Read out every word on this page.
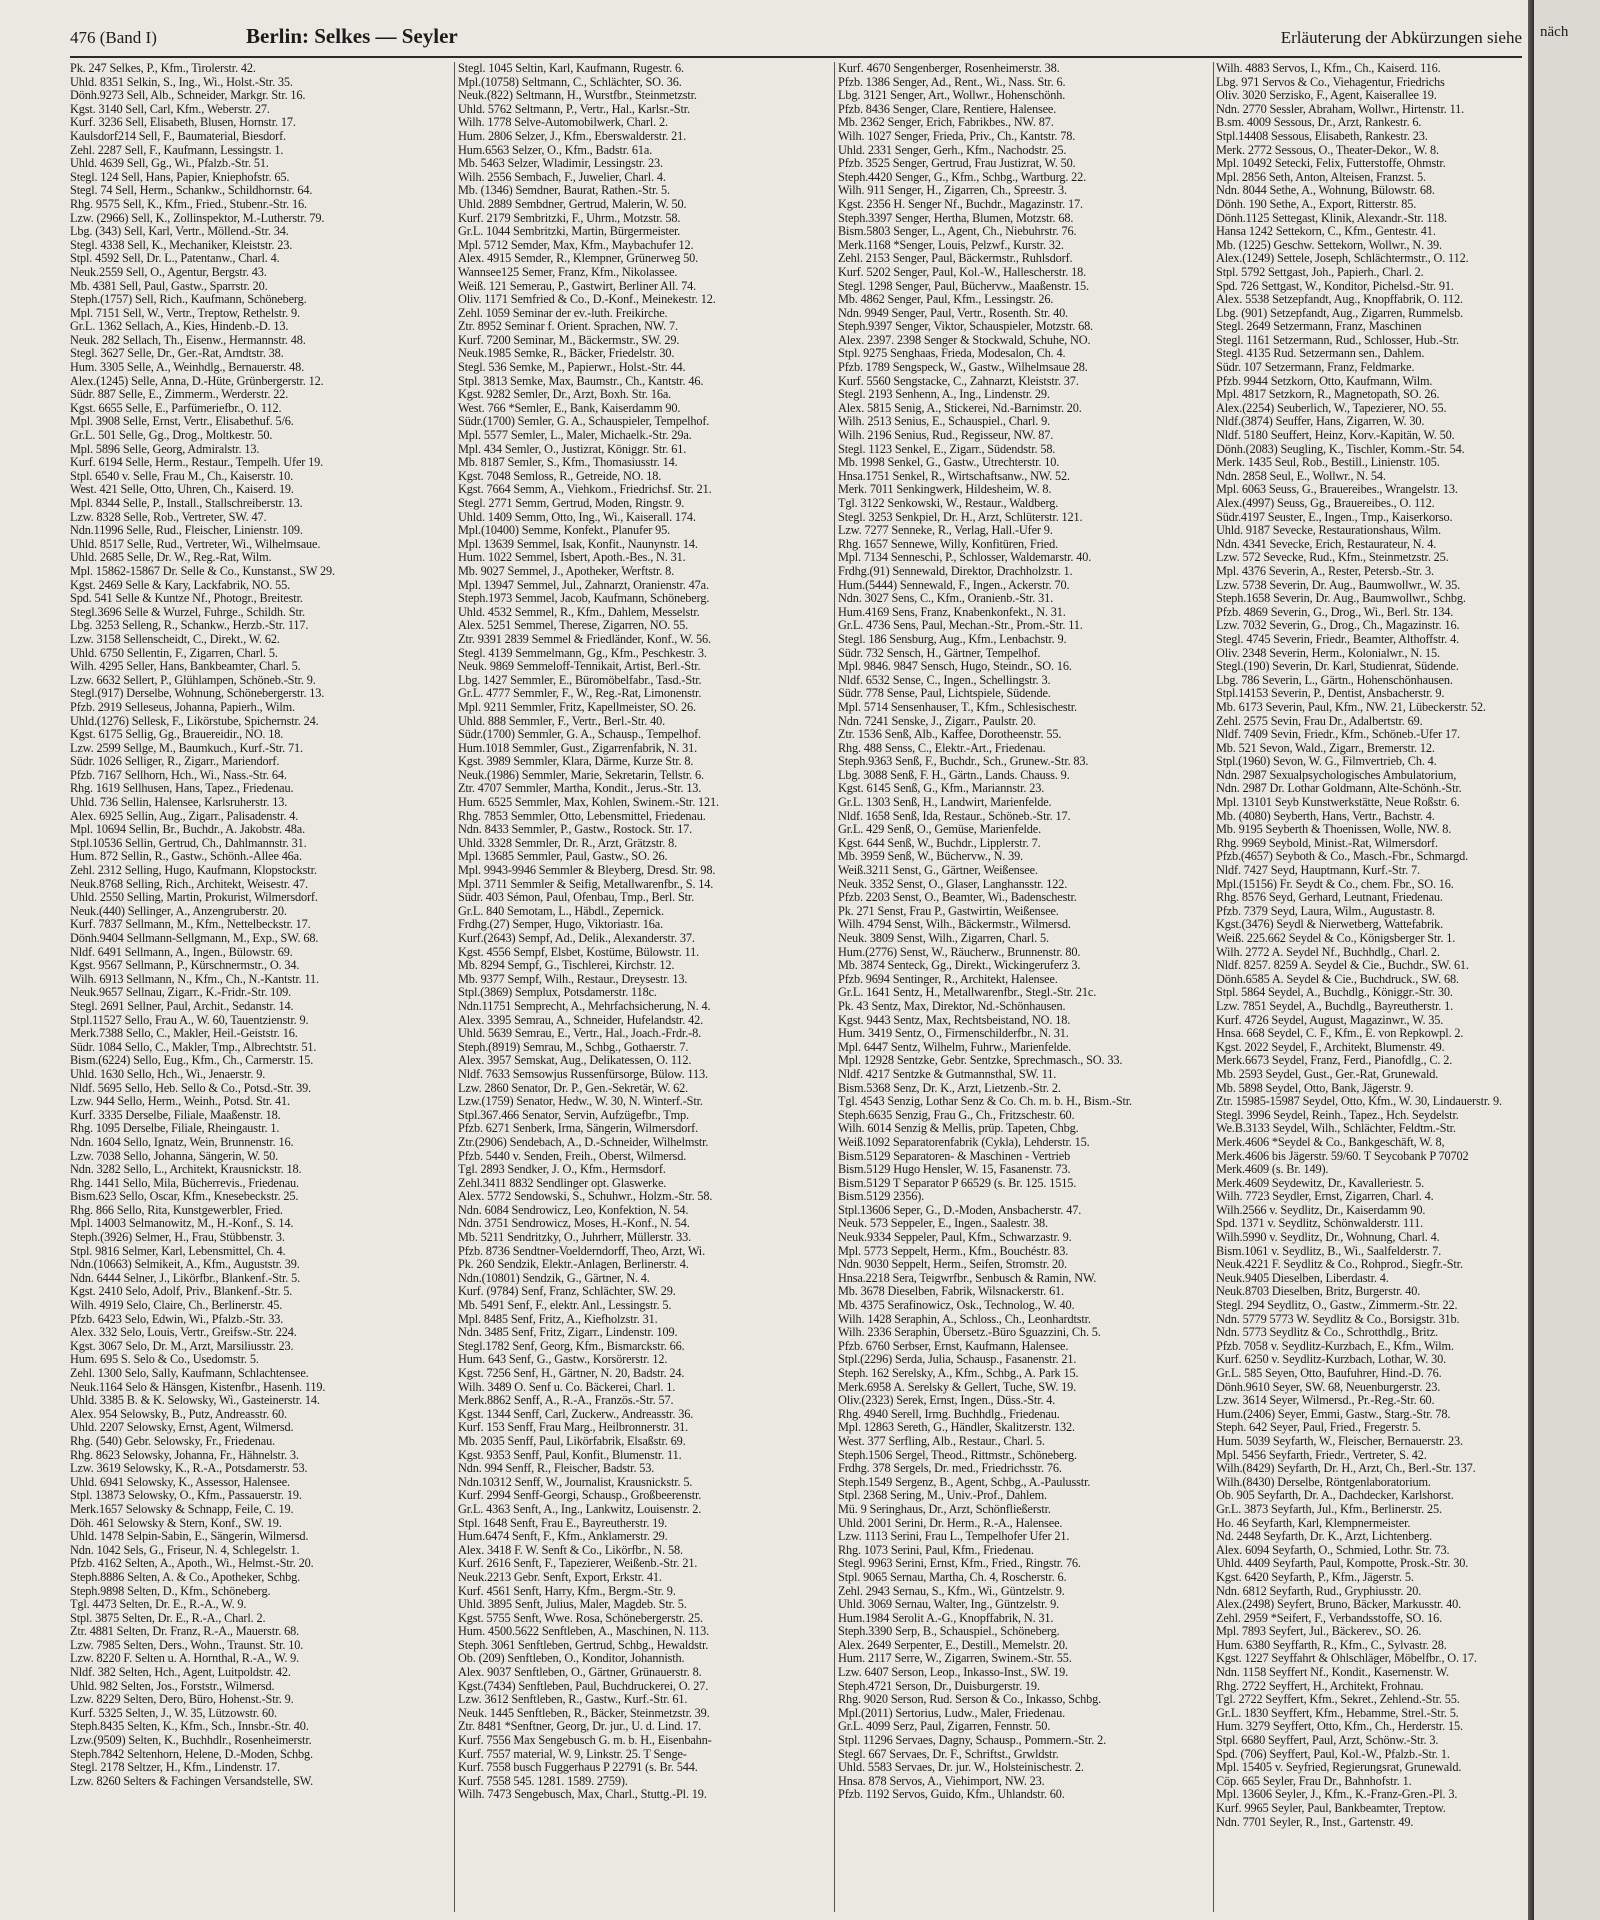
476 (Band I)	Berlin: Selkes — Seyler	Erläuterung der Abkürzungen siehe
Pk. 247 Selkes, P., Kfm., Tirolerstr. 42.
Uhld. 8351 Selkin, S., Ing., Wi., Holst.-Str. 35.
Dönh.9273 Sell, Alb., Schneider, Markgr. Str. 16.
Kgst. 3140 Sell, Carl, Kfm., Weberstr. 27.
Kurf. 3236 Sell, Elisabeth, Blusen, Hornstr. 17.
Kaulsdorf214 Sell, F., Baumaterial, Biesdorf.
Zehl. 2287 Sell, F., Kaufmann, Lessingstr. 1.
Uhld. 4639 Sell, Gg., Wi., Pfalzb.-Str. 51.
Stegl. 124 Sell, Hans, Papier, Kniephofstr. 65.
Stegl. 74 Sell, Herm., Schankw., Schildhornstr. 64.
Rhg. 9575 Sell, K., Kfm., Fried., Stubenr.-Str. 16.
Lzw. (2966) Sell, K., Zollinspektor, M.-Lutherstr. 79.
Lbg. (343) Sell, Karl, Vertr., Möllend.-Str. 34.
Stegl. 4338 Sell, K., Mechaniker, Kleiststr. 23.
Stpl. 4592 Sell, Dr. L., Patentanw., Charl. 4.
Neuk.2559 Sell, O., Agentur, Bergstr. 43.
Mb. 4381 Sell, Paul, Gastw., Sparrstr. 20.
Steph.(1757) Sell, Rich., Kaufmann, Schöneberg.
Mpl. 7151 Sell, W., Vertr., Treptow, Rethelstr. 9.
Gr.L. 1362 Sellach, A., Kies, Hindenb.-D. 13.
Neuk. 282 Sellach, Th., Eisenw., Hermannstr. 48.
Stegl. 3627 Selle, Dr., Ger.-Rat, Arndtstr. 38.
Hum. 3305 Selle, A., Weinhdlg., Bernauerstr. 48.
Alex.(1245) Selle, Anna, D.-Hüte, Grünbergerstr. 12.
Südr. 887 Selle, E., Zimmerm., Werderstr. 22.
Kgst. 6655 Selle, E., Parfümeriefbr., O. 112.
Mpl. 3908 Selle, Ernst, Vertr., Elisabethuf. 5/6.
Gr.L. 501 Selle, Gg., Drog., Moltkestr. 50.
Mpl. 5896 Selle, Georg, Admiralstr. 13.
Kurf. 6194 Selle, Herm., Restaur., Tempelh. Ufer 19.
Stpl. 6540 v. Selle, Frau M., Ch., Kaiserstr. 10.
West. 421 Selle, Otto, Uhren, Ch., Kaiserd. 19.
Mpl. 8344 Selle, P., Install., Stallschreiberstr. 13.
Lzw. 8328 Selle, Rob., Vertreter, SW. 47.
Ndn.11996 Selle, Rud., Fleischer, Linienstr. 109.
Uhld. 8517 Selle, Rud., Vertreter, Wi., Wilhelmsaue.
Uhld. 2685 Selle, Dr. W., Reg.-Rat, Wilm.
Mpl. 15862-15867 Dr. Selle & Co., Kunstanst., SW 29.
Kgst. 2469 Selle & Kary, Lackfabrik, NO. 55.
Spd. 541 Selle & Kuntze Nf., Photogr., Breitestr.
Stegl.3696 Selle & Wurzel, Fuhrge., Schildh. Str.
Lbg. 3253 Selleng, R., Schankw., Herzb.-Str. 117.
Lzw. 3158 Sellenscheidt, C., Direkt., W. 62.
Uhld. 6750 Sellentin, F., Zigarren, Charl. 5.
Wilh. 4295 Seller, Hans, Bankbeamter, Charl. 5.
Lzw. 6632 Sellert, P., Glühlampen, Schöneb.-Str. 9.
Stegl.(917) Derselbe, Wohnung, Schönebergerstr. 13.
Pfzb. 2919 Selleseus, Johanna, Papierh., Wilm.
Uhld.(1276) Sellesk, F., Likörstube, Spichernstr. 24.
Kgst. 6175 Sellig, Gg., Brauereidir., NO. 18.
Lzw. 2599 Sellge, M., Baumkuch., Kurf.-Str. 71.
Südr. 1026 Selliger, R., Zigarr., Mariendorf.
Pfzb. 7167 Sellhorn, Hch., Wi., Nass.-Str. 64.
Rhg. 1619 Sellhusen, Hans, Tapez., Friedenau.
Uhld. 736 Sellin, Halensee, Karlsruherstr. 13.
Alex. 6925 Sellin, Aug., Zigarr., Palisadenstr. 4.
Mpl. 10694 Sellin, Br., Buchdr., A. Jakobstr. 48a.
Stpl.10536 Sellin, Gertrud, Ch., Dahlmannstr. 31.
Hum. 872 Sellin, R., Gastw., Schönh.-Allee 46a.
Zehl. 2312 Selling, Hugo, Kaufmann, Klopstockstr.
Neuk.8768 Selling, Rich., Architekt, Weisestr. 47.
Uhld. 2550 Selling, Martin, Prokurist, Wilmersdorf.
Neuk.(440) Sellinger, A., Anzengruberstr. 20.
Kurf. 7837 Sellmann, M., Kfm., Nettelbeckstr. 17.
Dönh.9404 Sellmann-Sellgmann, M., Exp., SW. 68.
Nldf. 6491 Sellmann, A., Ingen., Bülowstr. 69.
Kgst. 9567 Sellmann, P., Kürschnermstr., O. 34.
Wilh. 6913 Sellmann, N., Kfm., Ch., N.-Kantstr. 11.
Neuk.9657 Sellnau, Zigarr., K.-Fridr.-Str. 109.
Stegl. 2691 Sellner, Paul, Archit., Sedanstr. 14.
Stpl.11527 Sello, Frau A., W. 60, Tauentzienstr. 9.
Merk.7388 Sello, C., Makler, Heil.-Geiststr. 16.
Südr. 1084 Sello, C., Makler, Tmp., Albrechtstr. 51.
Bism.(6224) Sello, Eug., Kfm., Ch., Carmerstr. 15.
Uhld. 1630 Sello, Hch., Wi., Jenaerstr. 9.
Nldf. 5695 Sello, Heb. Sello & Co., Potsd.-Str. 39.
Lzw. 944 Sello, Herm., Weinh., Potsd. Str. 41.
Kurf. 3335 Derselbe, Filiale, Maaßenstr. 18.
Rhg. 1095 Derselbe, Filiale, Rheingaustr. 1.
Ndn. 1604 Sello, Ignatz, Wein, Brunnenstr. 16.
Lzw. 7038 Sello, Johanna, Sängerin, W. 50.
Ndn. 3282 Sello, L., Architekt, Krausnickstr. 18.
Rhg. 1441 Sello, Mila, Bücherrevis., Friedenau.
Bism.623 Sello, Oscar, Kfm., Knesebeckstr. 25.
Rhg. 866 Sello, Rita, Kunstgewerbler, Fried.
Mpl. 14003 Selmanowitz, M., H.-Konf., S. 14.
Steph.(3926) Selmer, H., Frau, Stübbenstr. 3.
Stpl. 9816 Selmer, Karl, Lebensmittel, Ch. 4.
Ndn.(10663) Selmikeit, A., Kfm., Auguststr. 39.
Ndn. 6444 Selner, J., Likörfbr., Blankenf.-Str. 5.
Kgst. 2410 Selo, Adolf, Priv., Blankenf.-Str. 5.
Wilh. 4919 Selo, Claire, Ch., Berlinerstr. 45.
Pfzb. 6423 Selo, Edwin, Wi., Pfalzb.-Str. 33.
Alex. 332 Selo, Louis, Vertr., Greifsw.-Str. 224.
Kgst. 3067 Selo, Dr. M., Arzt, Marsiliusstr. 23.
Hum. 695 S. Selo & Co., Usedomstr. 5.
Zehl. 1300 Selo, Sally, Kaufmann, Schlachtensee.
Neuk.1164 Selo & Hänsgen, Kistenfbr., Hasenh. 119.
Uhld. 3385 B. & K. Selowsky, Wi., Gasteinerstr. 14.
Alex. 954 Selowsky, B., Putz, Andreasstr. 60.
Uhld. 2207 Selowsky, Ernst, Agent, Wilmersd.
Rhg. (540) Gebr. Selowsky, Fr., Friedenau.
Rhg. 8623 Selowsky, Johanna, Fr., Hähnelstr. 3.
Lzw. 3619 Selowsky, K., R.-A., Potsdamerstr. 53.
Uhld. 6941 Selowsky, K., Assessor, Halensee.
Stpl. 13873 Selowsky, O., Kfm., Passauerstr. 19.
Merk.1657 Selowsky & Schnapp, Feile, C. 19.
Döh. 461 Selowsky & Stern, Konf., SW. 19.
Uhld. 1478 Selpin-Sabin, E., Sängerin, Wilmersd.
Ndn. 1042 Sels, G., Friseur, N. 4, Schlegelstr. 1.
Pfzb. 4162 Selten, A., Apoth., Wi., Helmst.-Str. 20.
Steph.8886 Selten, A. & Co., Apotheker, Schbg.
Steph.9898 Selten, D., Kfm., Schöneberg.
Tgl. 4473 Selten, Dr. E., R.-A., W. 9.
Stpl. 3875 Selten, Dr. E., R.-A., Charl. 2.
Ztr. 4881 Selten, Dr. Franz, R.-A., Mauerstr. 68.
Lzw. 7985 Selten, Ders., Wohn., Traunst. Str. 10.
Lzw. 8220 F. Selten u. A. Hornthal, R.-A., W. 9.
Nldf. 382 Selten, Hch., Agent, Luitpoldstr. 42.
Uhld. 982 Selten, Jos., Forststr., Wilmersd.
Lzw. 8229 Selten, Dero, Büro, Hohenst.-Str. 9.
Kurf. 5325 Selten, J., W. 35, Lützowstr. 60.
Steph.8435 Selten, K., Kfm., Sch., Innsbr.-Str. 40.
Lzw.(9509) Selten, K., Buchhdlr., Rosenheimerstr.
Steph.7842 Seltenhorn, Helene, D.-Moden, Schbg.
Stegl. 2178 Seltzer, H., Kfm., Lindenstr. 17.
Lzw. 8260 Selters & Fachingen Versandstelle, SW.
Stegl. 1045 Seltin, Karl, Kaufmann, Rugestr. 6.
Mpl.(10758) Seltmann, C., Schlächter, SO. 36.
Neuk.(822) Seltmann, H., Wurstfbr., Steinmetzstr.
Uhld. 5762 Seltmann, P., Vertr., Hal., Karlsr.-Str.
Wilh. 1778 Selve-Automobilwerk, Charl. 2.
Hum. 2806 Selzer, J., Kfm., Eberswalderstr. 21.
Hum.6563 Selzer, O., Kfm., Badstr. 61a.
Mb. 5463 Selzer, Wladimir, Lessingstr. 23.
Wilh. 2556 Sembach, F., Juwelier, Charl. 4.
Mb. (1346) Semdner, Baurat, Rathen.-Str. 5.
Uhld. 2889 Sembdner, Gertrud, Malerin, W. 50.
Kurf. 2179 Sembritzki, F., Uhrm., Motzstr. 58.
Gr.L. 1044 Sembritzki, Martin, Bürgermeister.
Mpl. 5712 Semder, Max, Kfm., Maybachufer 12.
Alex. 4915 Semder, R., Klempner, Grünerweg 50.
Wannsee125 Semer, Franz, Kfm., Nikolassee.
Weiß. 121 Semerau, P., Gastwirt, Berliner All. 74.
Oliv. 1171 Semfried & Co., D.-Konf., Meinekestr. 12.
Zehl. 1059 Seminar der ev.-luth. Freikirche.
Ztr. 8952 Seminar f. Orient. Sprachen, NW. 7.
Kurf. 7200 Seminar, M., Bäckermstr., SW. 29.
Neuk.1985 Semke, R., Bäcker, Friedelstr. 30.
Stegl. 536 Semke, M., Papierwr., Holst.-Str. 44.
Stpl. 3813 Semke, Max, Baumstr., Ch., Kantstr. 46.
Kgst. 9282 Semler, Dr., Arzt, Boxh. Str. 16a.
West. 766 *Semler, E., Bank, Kaiserdamm 90.
Südr.(1700) Semler, G. A., Schauspieler, Tempelhof.
Mpl. 5577 Semler, L., Maler, Michaelk.-Str. 29a.
Mpl. 434 Semler, O., Justizrat, Königgr. Str. 61.
Mb. 8187 Semler, S., Kfm., Thomasiusstr. 14.
Kgst. 7048 Semloss, R., Getreide, NO. 18.
Kgst. 7664 Semm, A., Viehkom., Friedrichsf. Str. 21.
Stegl. 2771 Semm, Gertrud, Moden, Ringstr. 9.
Uhld. 1409 Semm, Otto, Ing., Wi., Kaiserall. 174.
Mpl.(10400) Semme, Konfekt., Planufer 95.
Mpl. 13639 Semmel, Isak, Konfit., Naunynstr. 14.
Hum. 1022 Semmel, Isbert, Apoth.-Bes., N. 31.
Mb. 9027 Semmel, J., Apotheker, Werftstr. 8.
Mpl. 13947 Semmel, Jul., Zahnarzt, Oranienstr. 47a.
Steph.1973 Semmel, Jacob, Kaufmann, Schöneberg.
Uhld. 4532 Semmel, R., Kfm., Dahlem, Messelstr.
Alex. 5251 Semmel, Therese, Zigarren, NO. 55.
Ztr. 9391 2839 Semmel & Friedländer, Konf., W. 56.
Stegl. 4139 Semmelmann, Gg., Kfm., Peschkestr. 3.
Neuk. 9869 Semmeloff-Tennikait, Artist, Berl.-Str.
Lbg. 1427 Semmler, E., Büromöbelfabr., Tasd.-Str.
Gr.L. 4777 Semmler, F., W., Reg.-Rat, Limonenstr.
Mpl. 9211 Semmler, Fritz, Kapellmeister, SO. 26.
Uhld. 888 Semmler, F., Vertr., Berl.-Str. 40.
Südr.(1700) Semmler, G. A., Schausp., Tempelhof.
Hum.1018 Semmler, Gust., Zigarrenfabrik, N. 31.
Kgst. 3989 Semmler, Klara, Därme, Kurze Str. 8.
Neuk.(1986) Semmler, Marie, Sekretarin, Tellstr. 6.
Ztr. 4707 Semmler, Martha, Kondit., Jerus.-Str. 13.
Hum. 6525 Semmler, Max, Kohlen, Swinem.-Str. 121.
Rhg. 7853 Semmler, Otto, Lebensmittel, Friedenau.
Ndn. 8433 Semmler, P., Gastw., Rostock. Str. 17.
Uhld. 3328 Semmler, Dr. R., Arzt, Grätzstr. 8.
Mpl. 13685 Semmler, Paul, Gastw., SO. 26.
Mpl. 9943-9946 Semmler & Bleyberg, Dresd. Str. 98.
Mpl. 3711 Semmler & Seifig, Metallwarenfbr., S. 14.
Südr. 403 Sémon, Paul, Ofenbau, Tmp., Berl. Str.
Gr.L. 840 Semotam, L., Häbdl., Zepernick.
Frdhg.(27) Semper, Hugo, Viktoriastr. 16a.
Kurf.(2643) Sempf, Ad., Delik., Alexanderstr. 37.
Kgst. 4556 Sempf, Elsbet, Kostüme, Bülowstr. 11.
Mb. 8294 Sempf, G., Tischlerei, Kirchstr. 12.
Mb. 9377 Sempf, Wilh., Restaur., Dreysestr. 13.
Stpl.(3869) Semplux, Potsdamerstr. 118c.
Ndn.11751 Semprecht, A., Mehrfachsicherung, N. 4.
Alex. 3395 Semrau, A., Schneider, Hufelandstr. 42.
Uhld. 5639 Semrau, E., Vertr., Hal., Joach.-Frdr.-8.
Steph.(8919) Semrau, M., Schbg., Gothaerstr. 7.
Alex. 3957 Semskat, Aug., Delikatessen, O. 112.
Nldf. 7633 Semsowjus Russenfürsorge, Bülow. 113.
Lzw. 2860 Senator, Dr. P., Gen.-Sekretär, W. 62.
Lzw.(1759) Senator, Hedw., W. 30, N. Winterf.-Str.
Stpl.367.466 Senator, Servin, Aufzügefbr., Tmp.
Pfzb. 6271 Senberk, Irma, Sängerin, Wilmersdorf.
Ztr.(2906) Sendebach, A., D.-Schneider, Wilhelmstr.
Pfzb. 5440 v. Senden, Freih., Oberst, Wilmersd.
Tgl. 2893 Sendker, J. O., Kfm., Hermsdorf.
Zehl.3411 8832 Sendlinger opt. Glaswerke.
Alex. 5772 Sendowski, S., Schuhwr., Holzm.-Str. 58.
Ndn. 6084 Sendrowicz, Leo, Konfektion, N. 54.
Ndn. 3751 Sendrowicz, Moses, H.-Konf., N. 54.
Mb. 5211 Sendritzky, O., Juhrherr, Müllerstr. 33.
Pfzb. 8736 Sendtner-Voelderndorff, Theo, Arzt, Wi.
Pk. 260 Sendzik, Elektr.-Anlagen, Berlinerstr. 4.
Ndn.(10801) Sendzik, G., Gärtner, N. 4.
Kurf. (9784) Senf, Franz, Schlächter, SW. 29.
Mb. 5491 Senf, F., elektr. Anl., Lessingstr. 5.
Mpl. 8485 Senf, Fritz, A., Kiefholzstr. 31.
Ndn. 3485 Senf, Fritz, Zigarr., Lindenstr. 109.
Stegl.1782 Senf, Georg, Kfm., Bismarckstr. 66.
Hum. 643 Senf, G., Gastw., Korsörerstr. 12.
Kgst. 7256 Senf, H., Gärtner, N. 20, Badstr. 24.
Wilh. 3489 O. Senf u. Co. Bäckerei, Charl. 1.
Merk.8862 Senff, A., R.-A., Französ.-Str. 57.
Kgst. 1344 Senff, Carl, Zuckerw., Andreasstr. 36.
Kurf. 153 Senff, Frau Marg., Heilbronnerstr. 31.
Mb. 2035 Senff, Paul, Likörfabrik, Elsaßstr. 69.
Kgst. 9353 Senff, Paul, Konfit., Blumenstr. 11.
Ndn. 994 Senff, R., Fleischer, Badstr. 53.
Ndn.10312 Senff, W., Journalist, Krausnickstr. 5.
Kurf. 2994 Senff-Georgi, Schausp., Großbeerenstr.
Gr.L. 4363 Senft, A., Ing., Lankwitz, Louisenstr. 2.
Stpl. 1648 Senft, Frau E., Bayreutherstr. 19.
Hum.6474 Senft, F., Kfm., Anklamerstr. 29.
Alex. 3418 F. W. Senft & Co., Likörfbr., N. 58.
Kurf. 2616 Senft, F., Tapezierer, Weißenb.-Str. 21.
Neuk.2213 Gebr. Senft, Export, Erkstr. 41.
Kurf. 4561 Senft, Harry, Kfm., Bergm.-Str. 9.
Uhld. 3895 Senft, Julius, Maler, Magdeb. Str. 5.
Kgst. 5755 Senft, Wwe. Rosa, Schönebergerstr. 25.
Hum. 4500.5622 Senftleben, A., Maschinen, N. 113.
Steph. 3061 Senftleben, Gertrud, Schbg., Hewaldstr.
Ob. (209) Senftleben, O., Konditor, Johannisth.
Alex. 9037 Senftleben, O., Gärtner, Grünauerstr. 8.
Kgst.(7434) Senftleben, Paul, Buchdruckerei, O. 27.
Lzw. 3612 Senftleben, R., Gastw., Kurf.-Str. 61.
Neuk. 1445 Senftleben, R., Bäcker, Steinmetzstr. 39.
Ztr. 8481 *Senftner, Georg, Dr. jur., U. d. Lind. 17.
Kurf. 7556 Max Sengebusch G. m. b. H., Eisenbahn-
Kurf. 7557 material, W. 9, Linkstr. 25. T Senge-
Kurf. 7558 busch Fuggerhaus P 22791 (s. Br. 544.
Kurf. 7558 545. 1281. 1589. 2759).
Wilh. 7473 Sengebusch, Max, Charl., Stuttg.-Pl. 19.
Kurf. 4670 Sengenberger, Rosenheimerstr. 38.
Pfzb. 1386 Senger, Ad., Rent., Wi., Nass. Str. 6.
Lbg. 3121 Senger, Art., Wollwr., Hohenschönh.
Pfzb. 8436 Senger, Clare, Rentiere, Halensee.
Mb. 2362 Senger, Erich, Fabrikbes., NW. 87.
Wilh. 1027 Senger, Frieda, Priv., Ch., Kantstr. 78.
Uhld. 2331 Senger, Gerh., Kfm., Nachodstr. 25.
Pfzb. 3525 Senger, Gertrud, Frau Justizrat, W. 50.
Steph.4420 Senger, G., Kfm., Schbg., Wartburg. 22.
Wilh. 911 Senger, H., Zigarren, Ch., Spreestr. 3.
Kgst. 2356 H. Senger Nf., Buchdr., Magazinstr. 17.
Steph.3397 Senger, Hertha, Blumen, Motzstr. 68.
Bism.5803 Senger, L., Agent, Ch., Niebuhrstr. 76.
Merk.1168 *Senger, Louis, Pelzwf., Kurstr. 32.
Zehl. 2153 Senger, Paul, Bäckermstr., Ruhlsdorf.
Kurf. 5202 Senger, Paul, Kol.-W., Hallescherstr. 18.
Stegl. 1298 Senger, Paul, Büchervw., Maaßenstr. 15.
Mb. 4862 Senger, Paul, Kfm., Lessingstr. 26.
Ndn. 9949 Senger, Paul, Vertr., Rosenth. Str. 40.
Steph.9397 Senger, Viktor, Schauspieler, Motzstr. 68.
Alex. 2397. 2398 Senger & Stockwald, Schuhe, NO.
Stpl. 9275 Senghaas, Frieda, Modesalon, Ch. 4.
Pfzb. 1789 Sengspeck, W., Gastw., Wilhelmsaue 28.
Kurf. 5560 Sengstacke, C., Zahnarzt, Kleiststr. 37.
Stegl. 2193 Senhenn, A., Ing., Lindenstr. 29.
Alex. 5815 Senig, A., Stickerei, Nd.-Barnimstr. 20.
Wilh. 2513 Senius, E., Schauspiel., Charl. 9.
Wilh. 2196 Senius, Rud., Regisseur, NW. 87.
Stegl. 1123 Senkel, E., Zigarr., Südendstr. 58.
Mb. 1998 Senkel, G., Gastw., Utrechterstr. 10.
Hnsa.1751 Senkel, R., Wirtschaftsanw., NW. 52.
Merk. 7011 Senkingwerk, Hildesheim, W. 8.
Tgl. 3122 Senkowski, W., Restaur., Waldberg.
Stegl. 3253 Senkpiel, Dr. H., Arzt, Schlüterstr. 121.
Lzw. 7277 Senneke, R., Verlag, Hall.-Ufer 9.
Rhg. 1657 Sennewe, Willy, Konfitüren, Fried.
Mpl. 7134 Senneschi, P., Schlosser, Waldemarstr. 40.
Frdhg.(91) Sennewald, Direktor, Drachholzstr. 1.
Hum.(5444) Sennewald, F., Ingen., Ackerstr. 70.
Ndn. 3027 Sens, C., Kfm., Oranienb.-Str. 31.
Hum.4169 Sens, Franz, Knabenkonfekt., N. 31.
Gr.L. 4736 Sens, Paul, Mechan.-Str., Prom.-Str. 11.
Stegl. 186 Sensburg, Aug., Kfm., Lenbachstr. 9.
Südr. 732 Sensch, H., Gärtner, Tempelhof.
Mpl. 9846. 9847 Sensch, Hugo, Steindr., SO. 16.
Nldf. 6532 Sense, C., Ingen., Schellingstr. 3.
Südr. 778 Sense, Paul, Lichtspiele, Südende.
Mpl. 5714 Sensenhauser, T., Kfm., Schlesischestr.
Ndn. 7241 Senske, J., Zigarr., Paulstr. 20.
Ztr. 1536 Senß, Alb., Kaffee, Dorotheenstr. 55.
Rhg. 488 Senss, C., Elektr.-Art., Friedenau.
Steph.9363 Senß, F., Buchdr., Sch., Grunew.-Str. 83.
Lbg. 3088 Senß, F. H., Gärtn., Lands. Chauss. 9.
Kgst. 6145 Senß, G., Kfm., Mariannstr. 23.
Gr.L. 1303 Senß, H., Landwirt, Marienfelde.
Nldf. 1658 Senß, Ida, Restaur., Schöneb.-Str. 17.
Gr.L. 429 Senß, O., Gemüse, Marienfelde.
Kgst. 644 Senß, W., Buchdr., Lipplerstr. 7.
Mb. 3959 Senß, W., Büchervw., N. 39.
Weiß.3211 Senst, G., Gärtner, Weißensee.
Neuk. 3352 Senst, O., Glaser, Langhansstr. 122.
Pfzb. 2203 Senst, O., Beamter, Wi., Badenschestr.
Pk. 271 Senst, Frau P., Gastwirtin, Weißensee.
Wilh. 4794 Senst, Wilh., Bäckermstr., Wilmersd.
Neuk. 3809 Senst, Wilh., Zigarren, Charl. 5.
Hum.(2776) Senst, W., Räucherw., Brunnenstr. 80.
Mb. 3874 Senteck, Gg., Direkt., Wickingeruferz 3.
Pfzb. 9694 Sentinger, R., Architekt, Halensee.
Gr.L. 1641 Sentz, H., Metallwarenfbr., Stegl.-Str. 21c.
Pk. 43 Sentz, Max, Direktor, Nd.-Schönhausen.
Kgst. 9443 Sentz, Max, Rechtsbeistand, NO. 18.
Hum. 3419 Sentz, O., Firmenschilderfbr., N. 31.
Mpl. 6447 Sentz, Wilhelm, Fuhrw., Marienfelde.
Mpl. 12928 Sentzke, Gebr. Sentzke, Sprechmasch., SO. 33.
Nldf. 4217 Sentzke & Gutmannsthal, SW. 11.
Bism.5368 Senz, Dr. K., Arzt, Lietzenb.-Str. 2.
Tgl. 4543 Senzig, Lothar Senz & Co. Ch. m. b. H., Bism.-Str.
Steph.6635 Senzig, Frau G., Ch., Fritzschestr. 60.
Wilh. 6014 Senzig & Mellis, prüp. Tapeten, Chbg.
Weiß.1092 Separatorenfabrik (Cykla), Lehderstr. 15.
Bism.5129 Separatoren- & Maschinen - Vertrieb
Bism.5129 Hugo Hensler, W. 15, Fasanenstr. 73.
Bism.5129 T Separator P 66529 (s. Br. 125. 1515.
Bism.5129 2356).
Stpl.13606 Seper, G., D.-Moden, Ansbacherstr. 47.
Neuk. 573 Seppeler, E., Ingen., Saalestr. 38.
Neuk.9334 Seppeler, Paul, Kfm., Schwarzastr. 9.
Mpl. 5773 Seppelt, Herm., Kfm., Bouchéstr. 83.
Ndn. 9030 Seppelt, Herm., Seifen, Stromstr. 20.
Hnsa.2218 Sera, Teigwrfbr., Senbusch & Ramin, NW.
Mb. 3678 Dieselben, Fabrik, Wilsnackerstr. 61.
Mb. 4375 Serafinowicz, Osk., Technolog., W. 40.
Wilh. 1428 Seraphin, A., Schloss., Ch., Leonhardtstr.
Wilh. 2336 Seraphin, Übersetz.-Büro Sguazzini, Ch. 5.
Pfzb. 6760 Serbser, Ernst, Kaufmann, Halensee.
Stpl.(2296) Serda, Julia, Schausp., Fasanenstr. 21.
Steph. 162 Serelsky, A., Kfm., Schbg., A. Park 15.
Merk.6958 A. Serelsky & Gellert, Tuche, SW. 19.
Oliv.(2323) Serek, Ernst, Ingen., Düss.-Str. 4.
Rhg. 4940 Serell, Irmg. Buchhdlg., Friedenau.
Mpl. 12863 Sereth, G., Händler, Skalitzerstr. 132.
West. 377 Serfling, Alb., Restaur., Charl. 5.
Steph.1506 Sergel, Theod., Rittmstr., Schöneberg.
Frdhg. 378 Sergels, Dr. med., Friedrichsstr. 76.
Steph.1549 Sergenz, B., Agent, Schbg., A.-Paulusstr.
Stpl. 2368 Sering, M., Univ.-Prof., Dahlem.
Mü. 9 Seringhaus, Dr., Arzt, Schönfließerstr.
Uhld. 2001 Serini, Dr. Herm., R.-A., Halensee.
Lzw. 1113 Serini, Frau L., Tempelhofer Ufer 21.
Rhg. 1073 Serini, Paul, Kfm., Friedenau.
Stegl. 9963 Serini, Ernst, Kfm., Fried., Ringstr. 76.
Stpl. 9065 Sernau, Martha, Ch. 4, Roscherstr. 6.
Zehl. 2943 Sernau, S., Kfm., Wi., Güntzelstr. 9.
Uhld. 3069 Sernau, Walter, Ing., Güntzelstr. 9.
Hum.1984 Serolit A.-G., Knopffabrik, N. 31.
Steph.3390 Serp, B., Schauspiel., Schöneberg.
Alex. 2649 Serpenter, E., Destill., Memelstr. 20.
Hum. 2117 Serre, W., Zigarren, Swinem.-Str. 55.
Lzw. 6407 Serson, Leop., Inkasso-Inst., SW. 19.
Steph.4721 Serson, Dr., Duisburgerstr. 19.
Rhg. 9020 Serson, Rud. Serson & Co., Inkasso, Schbg.
Mpl.(2011) Sertorius, Ludw., Maler, Friedenau.
Gr.L. 4099 Serz, Paul, Zigarren, Fennstr. 50.
Stpl. 11296 Servaes, Dagny, Schausp., Pommern.-Str. 2.
Stegl. 667 Servaes, Dr. F., Schriftst., Grwldstr.
Uhld. 5583 Servaes, Dr. jur. W., Holsteinischestr. 2.
Hnsa. 878 Servos, A., Viehimport, NW. 23.
Pfzb. 1192 Servos, Guido, Kfm., Uhlandstr. 60.
Wilh. 4883 Servos, I., Kfm., Ch., Kaiserd. 116.
Lbg. 971 Servos & Co., Viehagentur, Friedrichs
Oliv. 3020 Serzisko, F., Agent, Kaiserallee 19.
Ndn. 2770 Sessler, Abraham, Wollwr., Hirtenstr. 11.
B.sm. 4009 Sessous, Dr., Arzt, Rankestr. 6.
Stpl.14408 Sessous, Elisabeth, Rankestr. 23.
Merk. 2772 Sessous, O., Theater-Dekor., W. 8.
Mpl. 10492 Setecki, Felix, Futterstoffe, Ohmstr.
Mpl. 2856 Seth, Anton, Alteisen, Franzst. 5.
Ndn. 8044 Sethe, A., Wohnung, Bülowstr. 68.
Dönh. 190 Sethe, A., Export, Ritterstr. 85.
Dönh.1125 Settegast, Klinik, Alexandr.-Str. 118.
Hansa 1242 Settekorn, C., Kfm., Gentestr. 41.
Mb. (1225) Geschw. Settekorn, Wollwr., N. 39.
Alex.(1249) Settele, Joseph, Schlächtermstr., O. 112.
Stpl. 5792 Settgast, Joh., Papierh., Charl. 2.
Spd. 726 Settgast, W., Konditor, Pichelsd.-Str. 91.
Alex. 5538 Setzepfandt, Aug., Knopffabrik, O. 112.
Lbg. (901) Setzepfandt, Aug., Zigarren, Rummelsb.
Stegl. 2649 Setzermann, Franz, Maschinen
Stegl. 1161 Setzermann, Rud., Schlosser, Hub.-Str.
Stegl. 4135 Rud. Setzermann sen., Dahlem.
Südr. 107 Setzermann, Franz, Feldmarke.
Pfzb. 9944 Setzkorn, Otto, Kaufmann, Wilm.
Mpl. 4817 Setzkorn, R., Magnetopath, SO. 26.
Alex.(2254) Seuberlich, W., Tapezierer, NO. 55.
Nldf.(3874) Seuffer, Hans, Zigarren, W. 30.
Nldf. 5180 Seuffert, Heinz, Korv.-Kapitän, W. 50.
Dönh.(2083) Seugling, K., Tischler, Komm.-Str. 54.
Merk. 1435 Seul, Rob., Bestill., Linienstr. 105.
Ndn. 2858 Seul, E., Wollwr., N. 54.
Mpl. 6063 Seuss, G., Brauereibes., Wrangelstr. 13.
Alex.(4997) Seuss, Gg., Brauereibes., O. 112.
Südr.4197 Seuster, E., Ingen., Tmp., Kaiserkorso.
Uhld. 9187 Sevecke, Restaurationshaus, Wilm.
Ndn. 4341 Sevecke, Erich, Restaurateur, N. 4.
Lzw. 572 Sevecke, Rud., Kfm., Steinmetzstr. 25.
Mpl. 4376 Severin, A., Rester, Petersb.-Str. 3.
Lzw. 5738 Severin, Dr. Aug., Baumwollwr., W. 35.
Steph.1658 Severin, Dr. Aug., Baumwollwr., Schbg.
Pfzb. 4869 Severin, G., Drog., Wi., Berl. Str. 134.
Lzw. 7032 Severin, G., Drog., Ch., Magazinstr. 16.
Stegl. 4745 Severin, Friedr., Beamter, Althoffstr. 4.
Oliv. 2348 Severin, Herm., Kolonialwr., N. 15.
Stegl.(190) Severin, Dr. Karl, Studienrat, Südende.
Lbg. 786 Severin, L., Gärtn., Hohenschönhausen.
Stpl.14153 Severin, P., Dentist, Ansbacherstr. 9.
Mb. 6173 Severin, Paul, Kfm., NW. 21, Lübeckerstr. 52.
Zehl. 2575 Sevin, Frau Dr., Adalbertstr. 69.
Nldf. 7409 Sevin, Friedr., Kfm., Schöneb.-Ufer 17.
Mb. 521 Sevon, Wald., Zigarr., Bremerstr. 12.
Stpl.(1960) Sevon, W. G., Filmvertrieb, Ch. 4.
Ndn. 2987 Sexualpsychologisches Ambulatorium,
Ndn. 2987 Dr. Lothar Goldmann, Alte-Schönh.-Str.
Mpl. 13101 Seyb Kunstwerkstätte, Neue Roßstr. 6.
Mb. (4080) Seyberth, Hans, Vertr., Bachstr. 4.
Mb. 9195 Seyberth & Thoenissen, Wolle, NW. 8.
Rhg. 9969 Seybold, Minist.-Rat, Wilmersdorf.
Pfzb.(4657) Seyboth & Co., Masch.-Fbr., Schmargd.
Nldf. 7427 Seyd, Hauptmann, Kurf.-Str. 7.
Mpl.(15156) Fr. Seydt & Co., chem. Fbr., SO. 16.
Rhg. 8576 Seyd, Gerhard, Leutnant, Friedenau.
Pfzb. 7379 Seyd, Laura, Wilm., Augustastr. 8.
Kgst.(3476) Seydl & Nierwetberg, Wattefabrik.
Weiß. 225.662 Seydel & Co., Königsberger Str. 1.
Wilh. 2772 A. Seydel Nf., Buchhdlg., Charl. 2.
Nldf. 8257. 8259 A. Seydel & Cie., Buchdr., SW. 61.
Dönh.6585 A. Seydel & Cie., Buchdruck., SW. 68.
Stpl. 5864 Seydel, A., Buchdlg., Königgr.-Str. 30.
Lzw. 7851 Seydel, A., Buchdlg., Bayreutherstr. 1.
Kurf. 4726 Seydel, August, Magazinwr., W. 35.
Hnsa. 668 Seydel, C. F., Kfm., E. von Repkowpl. 2.
Kgst. 2022 Seydel, F., Architekt, Blumenstr. 49.
Merk.6673 Seydel, Franz, Ferd., Pianofdlg., C. 2.
Mb. 2593 Seydel, Gust., Ger.-Rat, Grunewald.
Mb. 5898 Seydel, Otto, Bank, Jägerstr. 9.
Ztr. 15985-15987 Seydel, Otto, Kfm., W. 30, Lindauerstr. 9.
Stegl. 3996 Seydel, Reinh., Tapez., Hch. Seydelstr.
We.B.3133 Seydel, Wilh., Schlächter, Feldtm.-Str.
Merk.4606 *Seydel & Co., Bankgeschäft, W. 8,
Merk.4606 bis Jägerstr. 59/60. T Seycobank P 70702
Merk.4609 (s. Br. 149).
Merk.4609 Seydewitz, Dr., Kavalleriestr. 5.
Wilh. 7723 Seydler, Ernst, Zigarren, Charl. 4.
Wilh.2566 v. Seydlitz, Dr., Kaiserdamm 90.
Spd. 1371 v. Seydlitz, Schönwalderstr. 111.
Wilh.5990 v. Seydlitz, Dr., Wohnung, Charl. 4.
Bism.1061 v. Seydlitz, B., Wi., Saalfelderstr. 7.
Neuk.4221 F. Seydlitz & Co., Rohprod., Siegfr.-Str.
Neuk.9405 Dieselben, Liberdastr. 4.
Neuk.8703 Dieselben, Britz, Burgerstr. 40.
Stegl. 294 Seydlitz, O., Gastw., Zimmerm.-Str. 22.
Ndn. 5779 5773 W. Seydlitz & Co., Borsigstr. 31b.
Ndn. 5773 Seydlitz & Co., Schrotthdlg., Britz.
Pfzb. 7058 v. Seydlitz-Kurzbach, E., Kfm., Wilm.
Kurf. 6250 v. Seydlitz-Kurzbach, Lothar, W. 30.
Gr.L. 585 Seyen, Otto, Baufuhrer, Hind.-D. 76.
Dönh.9610 Seyer, SW. 68, Neuenburgerstr. 23.
Lzw. 3614 Seyer, Wilmersd., Pr.-Reg.-Str. 60.
Hum.(2406) Seyer, Emmi, Gastw., Starg.-Str. 78.
Steph. 642 Seyer, Paul, Fried., Fregerstr. 5.
Hum. 5039 Seyfarth, W., Fleischer, Bernauerstr. 23.
Mpl. 5456 Seyfarth, Friedr., Vertreter, S. 42.
Wilh.(8429) Seyfarth, Dr. H., Arzt, Ch., Berl.-Str. 137.
Wilh.(8430) Derselbe, Röntgenlaboratorium.
Ob. 905 Seyfarth, Dr. A., Dachdecker, Karlshorst.
Gr.L. 3873 Seyfarth, Jul., Kfm., Berlinerstr. 25.
Ho. 46 Seyfarth, Karl, Klempnermeister.
Nd. 2448 Seyfarth, Dr. K., Arzt, Lichtenberg.
Alex. 6094 Seyfarth, O., Schmied, Lothr. Str. 73.
Uhld. 4409 Seyfarth, Paul, Kompotte, Prosk.-Str. 30.
Kgst. 6420 Seyfarth, P., Kfm., Jägerstr. 5.
Ndn. 6812 Seyfarth, Rud., Gryphiusstr. 20.
Alex.(2498) Seyfert, Bruno, Bäcker, Markusstr. 40.
Zehl. 2959 *Seifert, F., Verbandsstoffe, SO. 16.
Mpl. 7893 Seyfert, Jul., Bäckerev., SO. 26.
Hum. 6380 Seyffarth, R., Kfm., C., Sylvastr. 28.
Kgst. 1227 Seyffahrt & Ohlschläger, Möbelfbr., O. 17.
Ndn. 1158 Seyffert Nf., Kondit., Kasernenstr. W.
Rhg. 2722 Seyffert, H., Architekt, Frohnau.
Tgl. 2722 Seyffert, Kfm., Sekret., Zehlend.-Str. 55.
Gr.L. 1830 Seyffert, Kfm., Hebamme, Strel.-Str. 5.
Hum. 3279 Seyffert, Otto, Kfm., Ch., Herderstr. 15.
Stpl. 6680 Seyffert, Paul, Arzt, Schönw.-Str. 3.
Spd. (706) Seyffert, Paul, Kol.-W., Pfalzb.-Str. 1.
Mpl. 15405 v. Seyfried, Regierungsrat, Grunewald.
Cöp. 665 Seyler, Frau Dr., Bahnhofstr. 1.
Mpl. 13606 Seyler, J., Kfm., K.-Franz-Gren.-Pl. 3.
Kurf. 9965 Seyler, Paul, Bankbeamter, Treptow.
Ndn. 7701 Seyler, R., Inst., Gartenstr. 49.
näch
